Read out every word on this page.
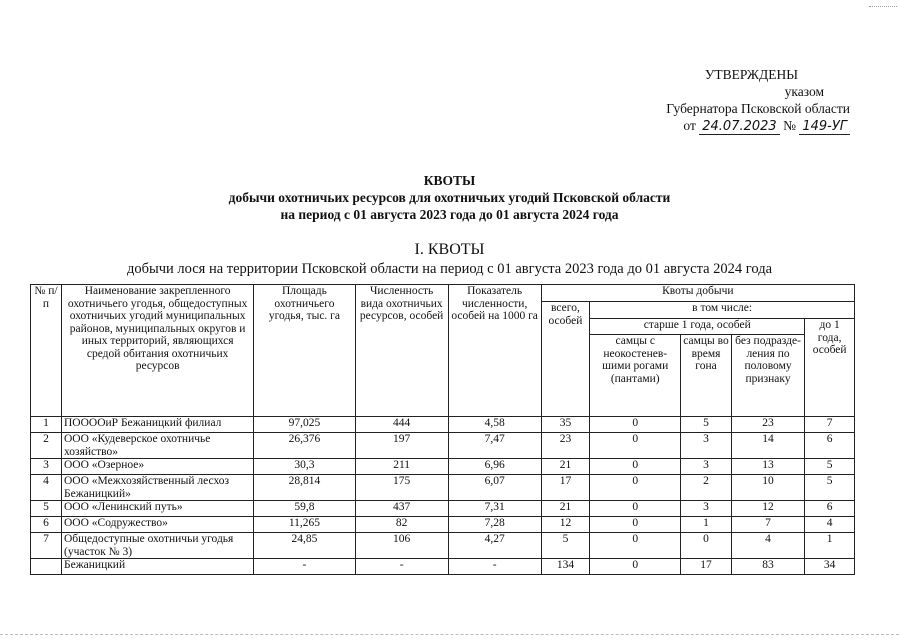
УТВЕРЖДЕНЫ
указом
Губернатора Псковской области
от 24.07.2023 № 149-УГ
КВОТЫ
добычи охотничьих ресурсов для охотничьих угодий Псковской области
на период с 01 августа 2023 года до 01 августа 2024 года
I. КВОТЫ
добычи лося на территории Псковской области на период с 01 августа 2023 года до 01 августа 2024 года
№ п/п	Наименование закрепленного охотничьего угодья, общедоступных охотничьих угодий муниципальных районов, муниципальных округов и иных территорий, являющихся средой обитания охотничьих ресурсов	Площадь охотничьего угодья, тыс. га	Численность вида охотничьих ресурсов, особей	Показатель численности, особей на 1000 га	Квоты добычи				
					всего, особей	в том числе:			
						старше 1 года, особей			до 1 года, особей
						самцы с неокостенев-шими рогами (пантами)	самцы во время гона	без подразде-ления по половому признаку	
1	ПООООиР Бежаницкий филиал	97,025	444	4,58	35	0	5	23	7
2	ООО «Кудеверское охотничье хозяйство»	26,376	197	7,47	23	0	3	14	6
3	ООО «Озерное»	30,3	211	6,96	21	0	3	13	5
4	ООО «Межхозяйственный лесхоз Бежаницкий»	28,814	175	6,07	17	0	2	10	5
5	ООО «Ленинский путь»	59,8	437	7,31	21	0	3	12	6
6	ООО «Содружество»	11,265	82	7,28	12	0	1	7	4
7	Общедоступные охотничьи угодья (участок № 3)	24,85	106	4,27	5	0	0	4	1
	Бежаницкий	-	-	-	134	0	17	83	34
